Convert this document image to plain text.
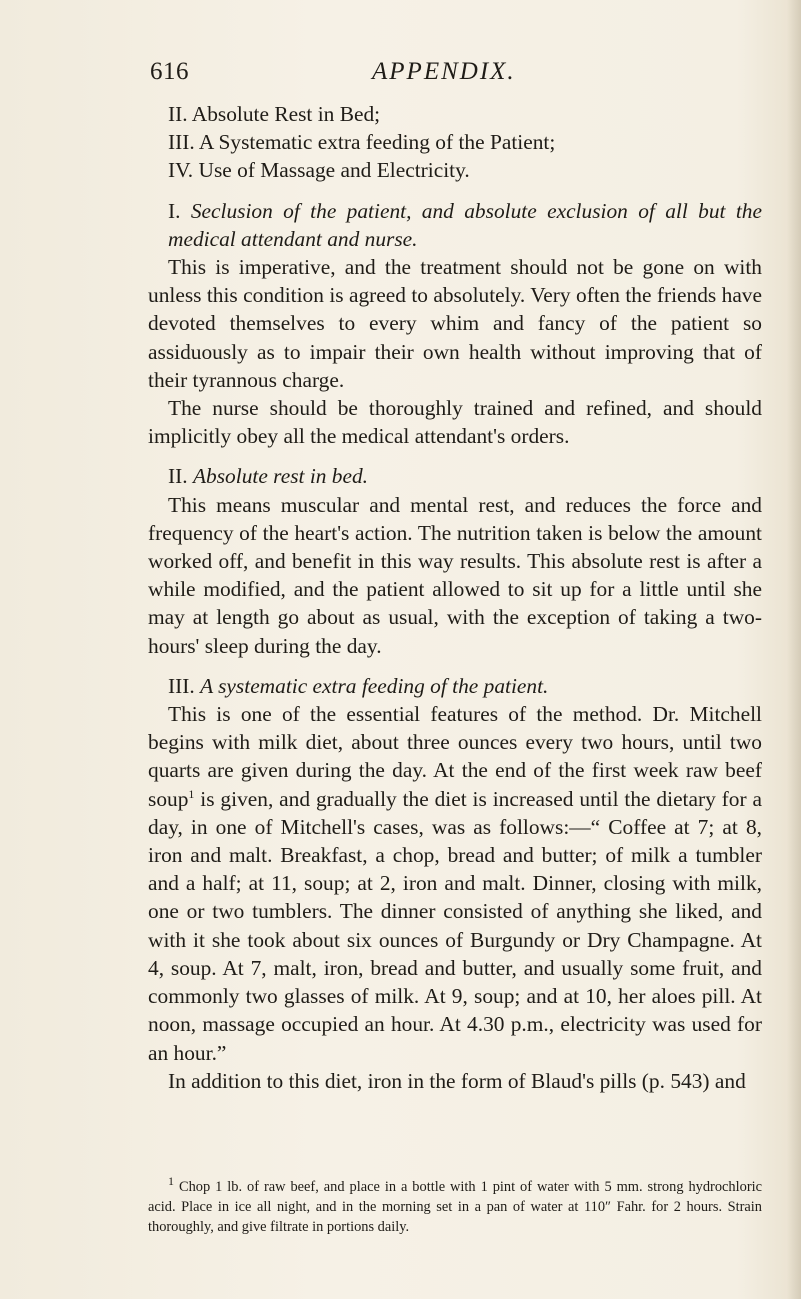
616	APPENDIX.

II. Absolute Rest in Bed;

III. A Systematic extra feeding of the Patient;

IV. Use of Massage and Electricity.

I. Seclusion of the patient, and absolute exclusion of all but the medical attendant and nurse.

This is imperative, and the treatment should not be gone on with unless this condition is agreed to absolutely. Very often the friends have devoted themselves to every whim and fancy of the patient so assiduously as to impair their own health without improving that of their tyrannous charge.

The nurse should be thoroughly trained and refined, and should implicitly obey all the medical attendant's orders.

II. Absolute rest in bed.

This means muscular and mental rest, and reduces the force and frequency of the heart's action. The nutrition taken is below the amount worked off, and benefit in this way results. This absolute rest is after a while modified, and the patient allowed to sit up for a little until she may at length go about as usual, with the exception of taking a two-hours' sleep during the day.

III. A systematic extra feeding of the patient.

This is one of the essential features of the method. Dr. Mitchell begins with milk diet, about three ounces every two hours, until two quarts are given during the day. At the end of the first week raw beef soup$^1$ is given, and gradually the diet is increased until the dietary for a day, in one of Mitchell's cases, was as follows:—“ Coffee at 7; at 8, iron and malt. Breakfast, a chop, bread and butter; of milk a tumbler and a half; at 11, soup; at 2, iron and malt. Dinner, closing with milk, one or two tumblers. The dinner consisted of anything she liked, and with it she took about six ounces of Burgundy or Dry Champagne. At 4, soup. At 7, malt, iron, bread and butter, and usually some fruit, and commonly two glasses of milk. At 9, soup; and at 10, her aloes pill. At noon, massage occupied an hour. At 4.30 p.m., electricity was used for an hour.”

In addition to this diet, iron in the form of Blaud's pills (p. 543) and

$^1$ Chop 1 lb. of raw beef, and place in a bottle with 1 pint of water with 5 mm. strong hydrochloric acid. Place in ice all night, and in the morning set in a pan of water at 110″ Fahr. for 2 hours. Strain thoroughly, and give filtrate in portions daily.
